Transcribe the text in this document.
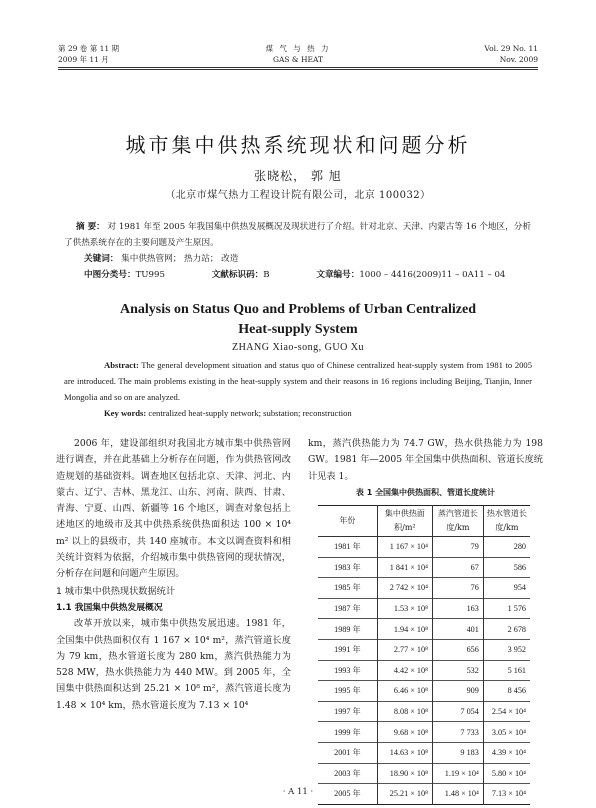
第 29 卷 第 11 期
2009 年 11 月
煤 气 与 热 力
GAS & HEAT
Vol. 29 No. 11
Nov. 2009
城市集中供热系统现状和问题分析
张晓松， 郭 旭
（北京市煤气热力工程设计院有限公司，北京 100032）
摘 要： 对 1981 年至 2005 年我国集中供热发展概况及现状进行了介绍。针对北京、天津、内蒙古等 16 个地区，分析了供热系统存在的主要问题及产生原因。
关键词： 集中供热管网； 热力站； 改造
中图分类号：TU995	文献标识码：B	文章编号：1000 – 4416(2009)11 – 0A11 – 04
Analysis on Status Quo and Problems of Urban Centralized
Heat-supply System
ZHANG Xiao-song, GUO Xu
Abstract: The general development situation and status quo of Chinese centralized heat-supply system from 1981 to 2005 are introduced. The main problems existing in the heat-supply system and their reasons in 16 regions including Beijing, Tianjin, Inner Mongolia and so on are analyzed.
Key words: centralized heat-supply network; substation; reconstruction

2006 年，建设部组织对我国北方城市集中供热管网进行调查，并在此基础上分析存在问题，作为供热管网改造规划的基础资料。调查地区包括北京、天津、河北、内蒙古、辽宁、吉林、黑龙江、山东、河南、陕西、甘肃、青海、宁夏、山西、新疆等 16 个地区，调查对象包括上述地区的地级市及其中供热系统供热面积达 100 × 10⁴ m² 以上的县级市，共 140 座城市。本文以调查资料和相关统计资料为依据，介绍城市集中供热管网的现状情况，分析存在问题和问题产生原因。

1 城市集中供热现状数据统计

1.1 我国集中供热发展概况

改革开放以来，城市集中供热发展迅速。1981 年，全国集中供热面积仅有 1 167 × 10⁴ m²，蒸汽管道长度为 79 km，热水管道长度为 280 km，蒸汽供热能力为 528 MW，热水供热能力为 440 MW。到 2005 年，全国集中供热面积达到 25.21 × 10⁸ m²，蒸汽管道长度为 1.48 × 10⁴ km，热水管道长度为 7.13 × 10⁴

km，蒸汽供热能力为 74.7 GW，热水供热能力为 198 GW。1981 年—2005 年全国集中供热面积、管道长度统计见表 1。

表 1 全国集中供热面积、管道长度统计
年份	集中供热面积/m²	蒸汽管道长度/km	热水管道长度/km
1981 年	1 167 × 10⁴	79	280
1983 年	1 841 × 10⁴	67	586
1985 年	2 742 × 10⁴	76	954
1987 年	1.53 × 10⁸	163	1 576
1989 年	1.94 × 10⁸	401	2 678
1991 年	2.77 × 10⁸	656	3 952
1993 年	4.42 × 10⁸	532	5 161
1995 年	6.46 × 10⁸	909	8 456
1997 年	8.08 × 10⁸	7 054	2.54 × 10⁴
1999 年	9.68 × 10⁸	7 733	3.05 × 10⁴
2001 年	14.63 × 10⁸	9 183	4.39 × 10⁴
2003 年	18.90 × 10⁸	1.19 × 10⁴	5.80 × 10⁴
2005 年	25.21 × 10⁸	1.48 × 10⁴	7.13 × 10⁴
· A 11 ·
